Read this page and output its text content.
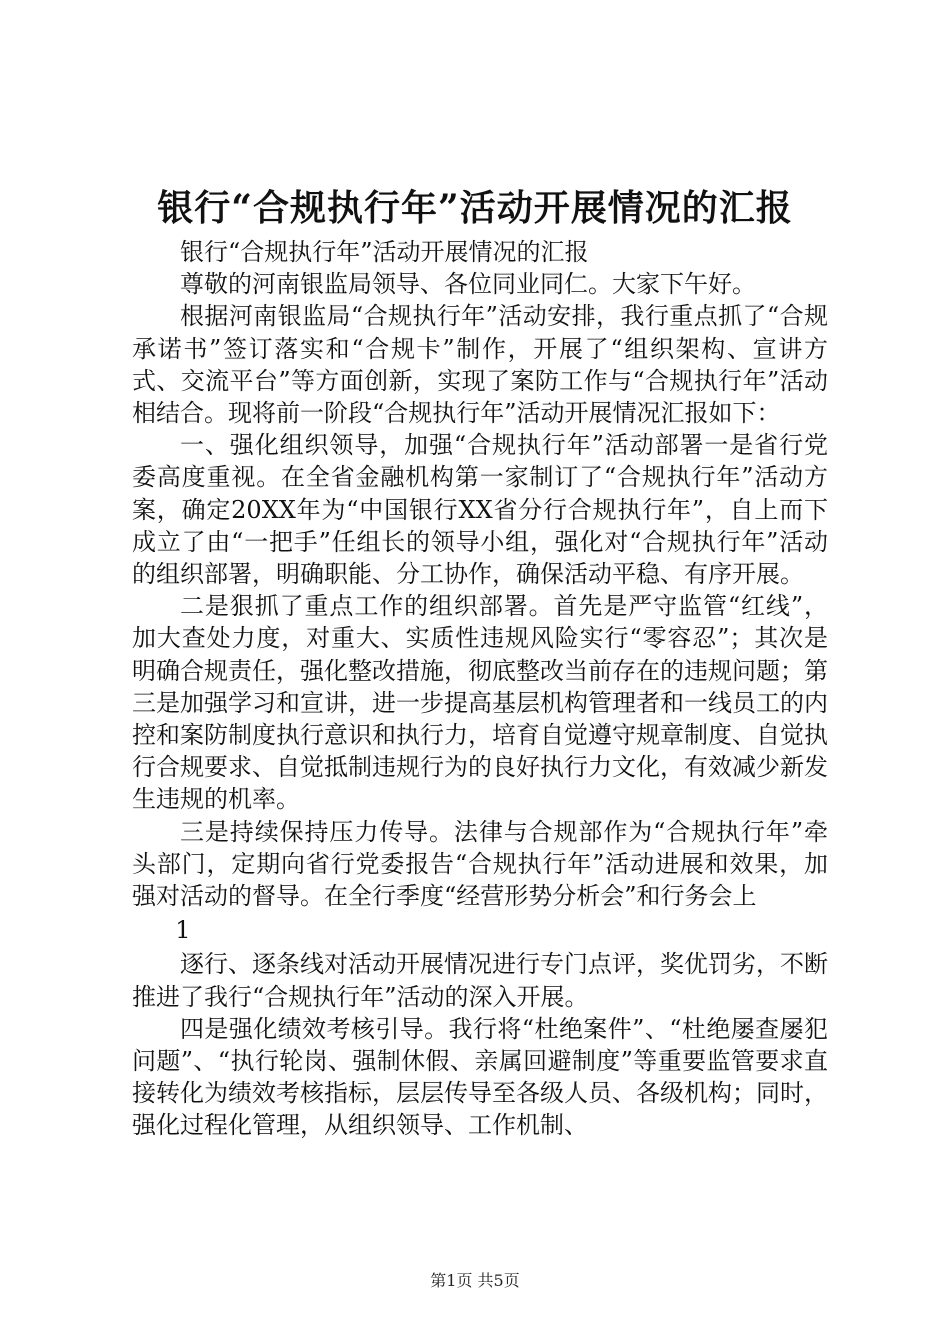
银行“合规执行年”活动开展情况的汇报

银行“合规执行年”活动开展情况的汇报

尊敬的河南银监局领导、各位同业同仁。大家下午好。

根据河南银监局“合规执行年”活动安排，我行重点抓了“合规承诺书”签订落实和“合规卡”制作，开展了“组织架构、宣讲方式、交流平台”等方面创新，实现了案防工作与“合规执行年”活动相结合。现将前一阶段“合规执行年”活动开展情况汇报如下：

一、强化组织领导，加强“合规执行年”活动部署一是省行党委高度重视。在全省金融机构第一家制订了“合规执行年”活动方案，确定20XX年为“中国银行XX省分行合规执行年”，自上而下成立了由“一把手”任组长的领导小组，强化对“合规执行年”活动的组织部署，明确职能、分工协作，确保活动平稳、有序开展。

二是狠抓了重点工作的组织部署。首先是严守监管“红线”，加大查处力度，对重大、实质性违规风险实行“零容忍”；其次是明确合规责任，强化整改措施，彻底整改当前存在的违规问题；第三是加强学习和宣讲，进一步提高基层机构管理者和一线员工的内控和案防制度执行意识和执行力，培育自觉遵守规章制度、自觉执行合规要求、自觉抵制违规行为的良好执行力文化，有效减少新发生违规的机率。

三是持续保持压力传导。法律与合规部作为“合规执行年”牵头部门，定期向省行党委报告“合规执行年”活动进展和效果，加强对活动的督导。在全行季度“经营形势分析会”和行务会上

1

逐行、逐条线对活动开展情况进行专门点评，奖优罚劣，不断推进了我行“合规执行年”活动的深入开展。

四是强化绩效考核引导。我行将“杜绝案件”、“杜绝屡查屡犯问题”、“执行轮岗、强制休假、亲属回避制度”等重要监管要求直接转化为绩效考核指标，层层传导至各级人员、各级机构；同时，强化过程化管理，从组织领导、工作机制、

第1页 共5页
